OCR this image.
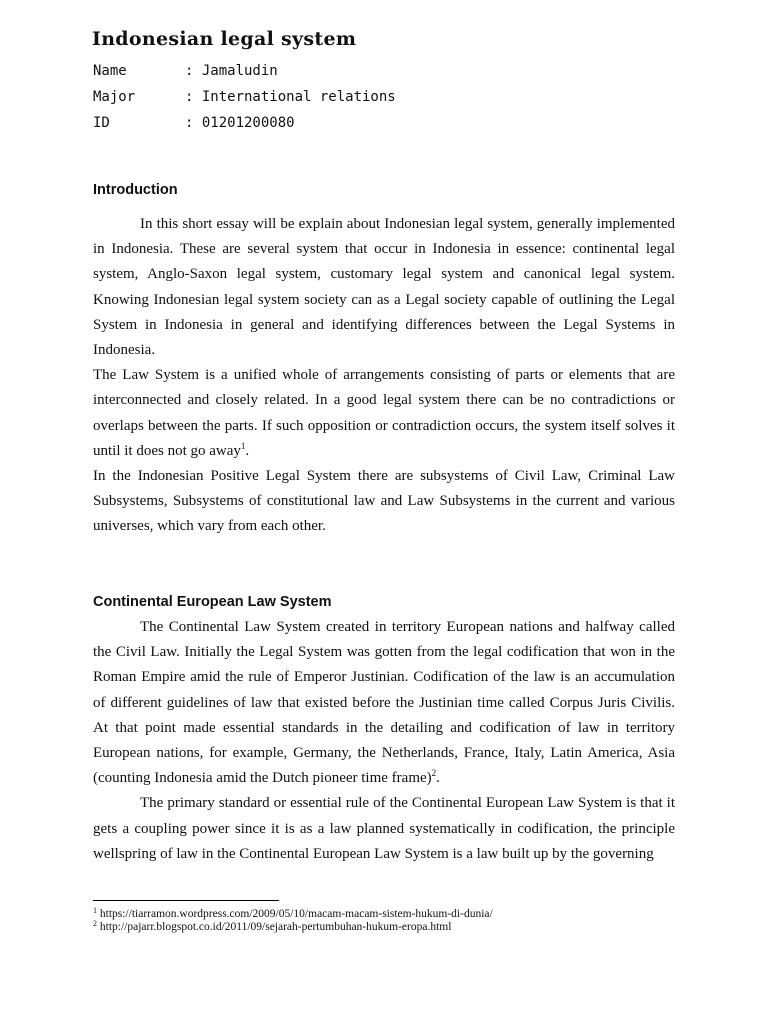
Indonesian legal system
Name	: Jamaludin
Major	: International relations
ID	: 01201200080
Introduction

In this short essay will be explain about Indonesian legal system, generally implemented in Indonesia. These are several system that occur in Indonesia in essence: continental legal system, Anglo-Saxon legal system, customary legal system and canonical legal system. Knowing Indonesian legal system society can as a Legal society capable of outlining the Legal System in Indonesia in general and identifying differences between the Legal Systems in Indonesia.

The Law System is a unified whole of arrangements consisting of parts or elements that are interconnected and closely related. In a good legal system there can be no contradictions or overlaps between the parts. If such opposition or contradiction occurs, the system itself solves it until it does not go away$^1$.

In the Indonesian Positive Legal System there are subsystems of Civil Law, Criminal Law Subsystems, Subsystems of constitutional law and Law Subsystems in the current and various universes, which vary from each other.

Continental European Law System

The Continental Law System created in territory European nations and halfway called the Civil Law. Initially the Legal System was gotten from the legal codification that won in the Roman Empire amid the rule of Emperor Justinian. Codification of the law is an accumulation of different guidelines of law that existed before the Justinian time called Corpus Juris Civilis. At that point made essential standards in the detailing and codification of law in territory European nations, for example, Germany, the Netherlands, France, Italy, Latin America, Asia (counting Indonesia amid the Dutch pioneer time frame)$^2$.

The primary standard or essential rule of the Continental European Law System is that it gets a coupling power since it is as a law planned systematically in codification, the principle wellspring of law in the Continental European Law System is a law built up by the governing

$^1$ https://tiarramon.wordpress.com/2009/05/10/macam-macam-sistem-hukum-di-dunia/
$^2$ http://pajarr.blogspot.co.id/2011/09/sejarah-pertumbuhan-hukum-eropa.html
